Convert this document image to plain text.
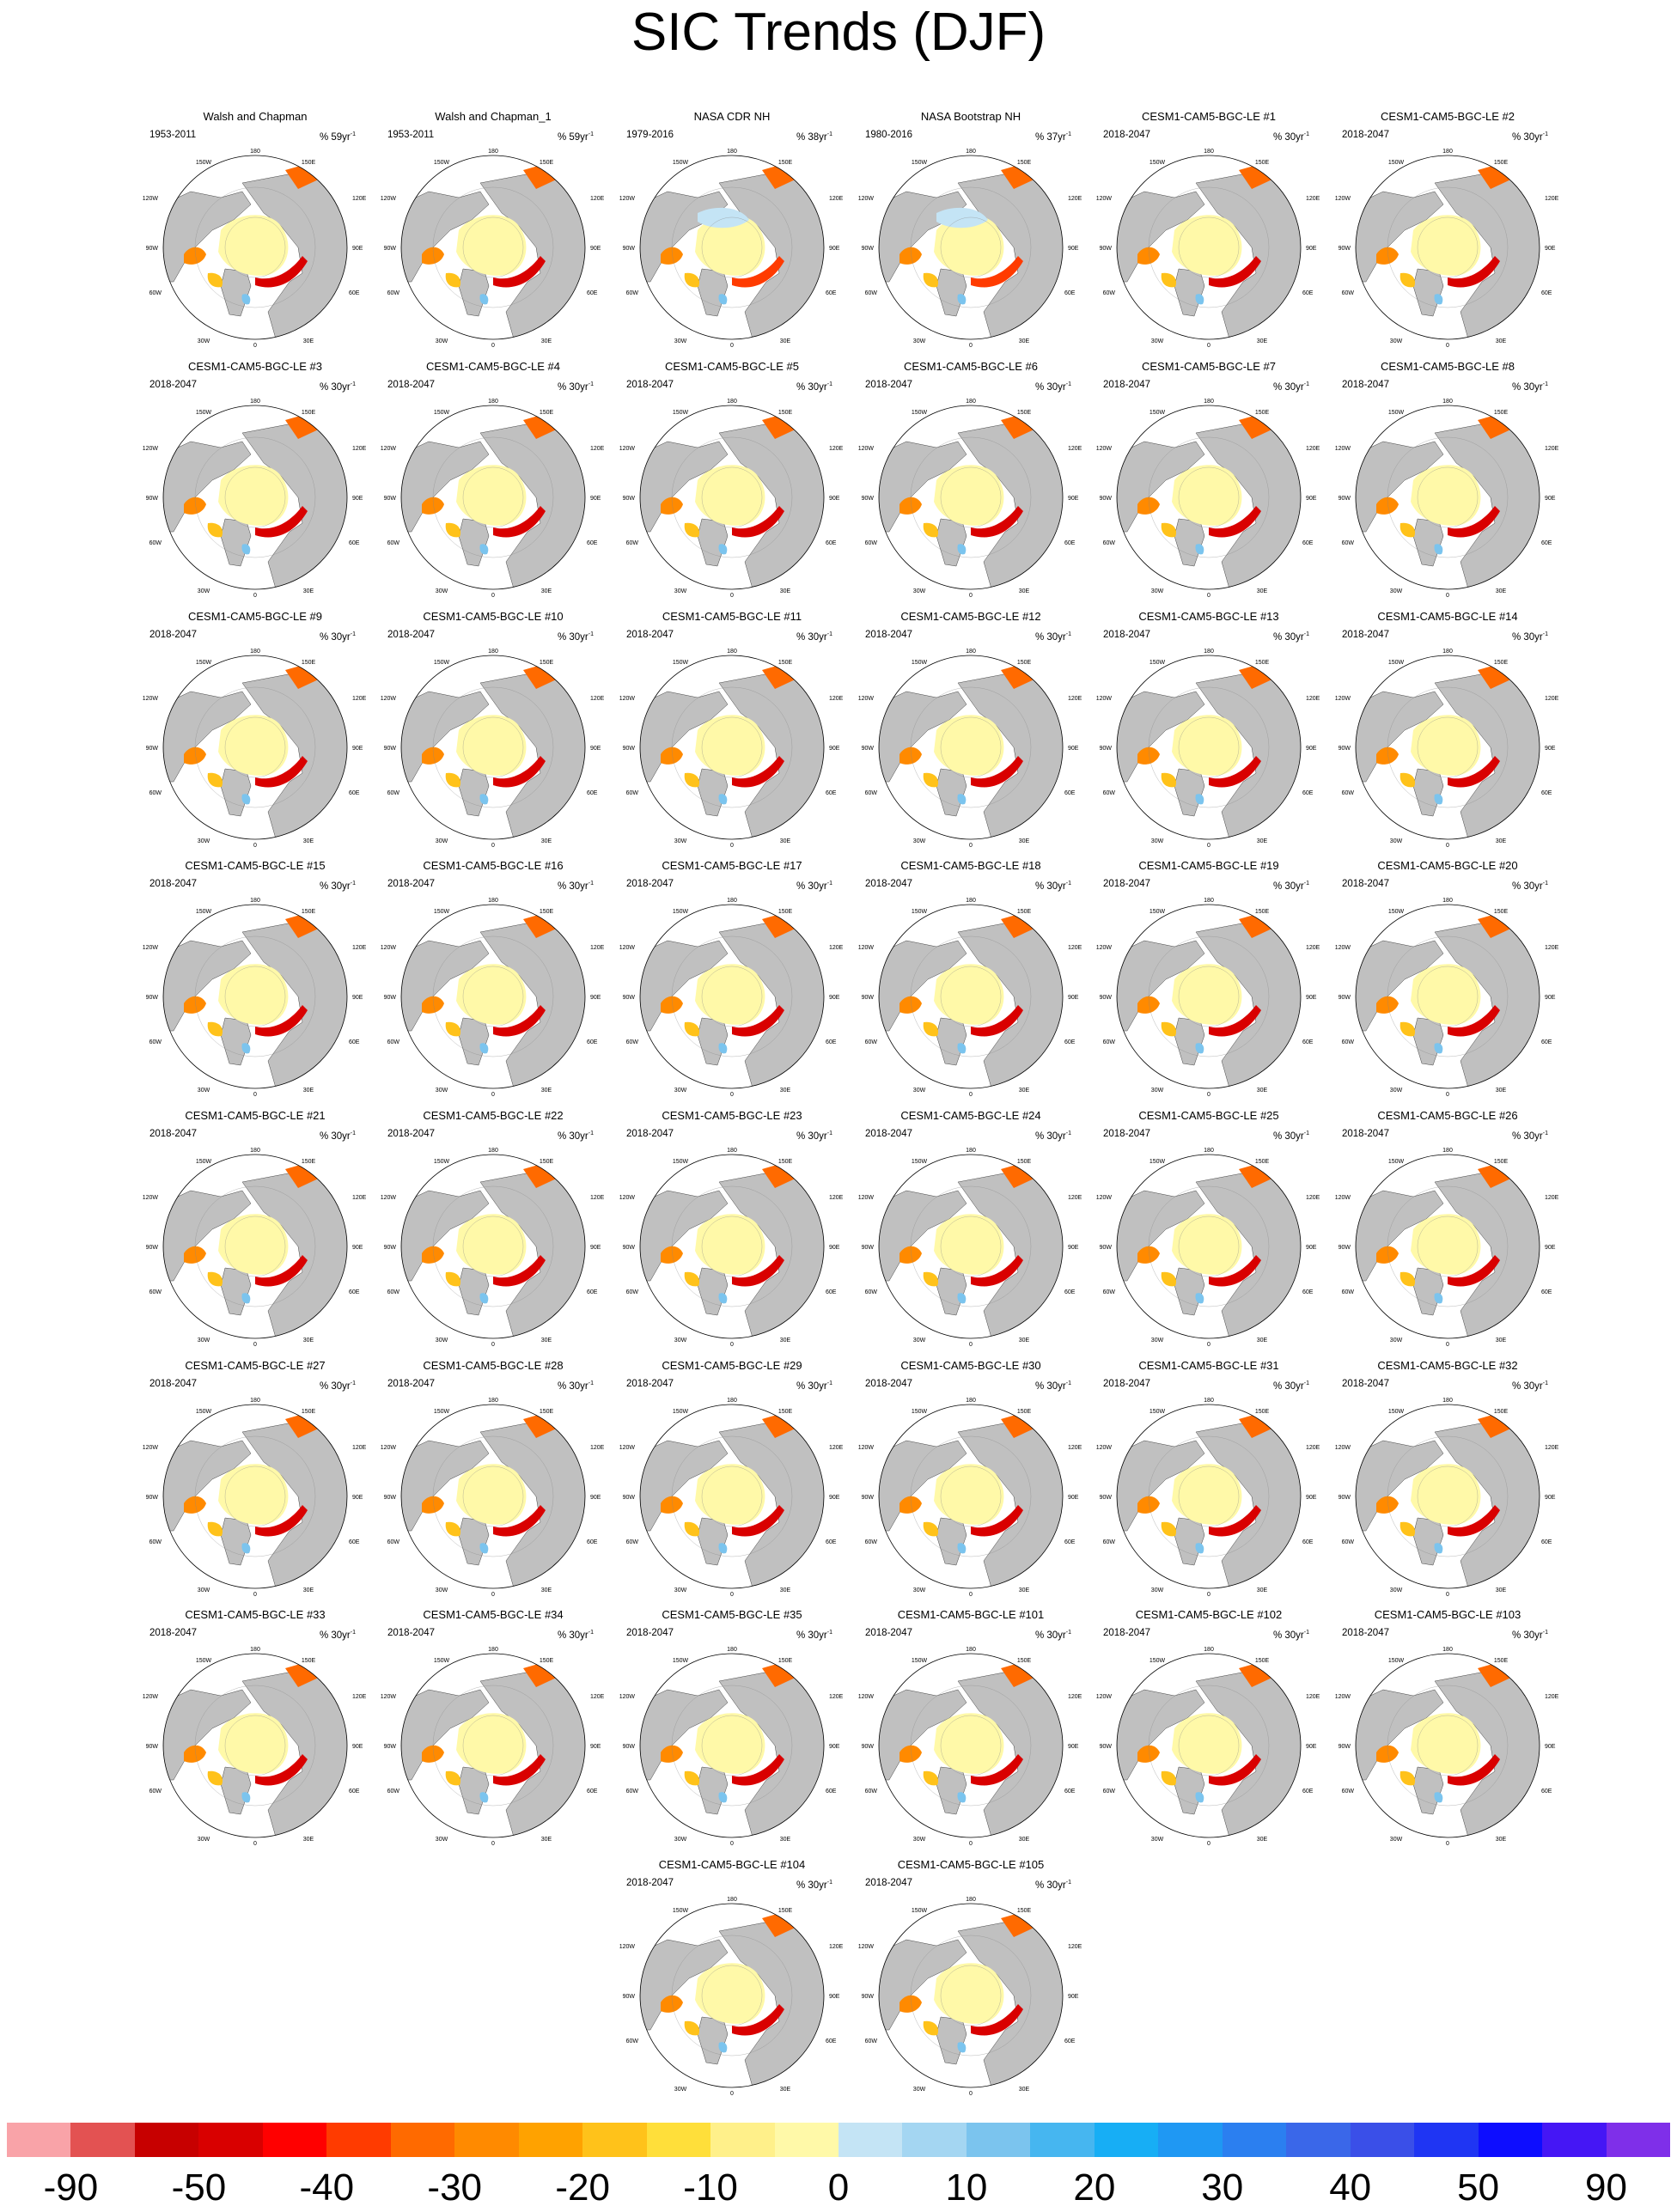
SIC Trends (DJF)
180
150W	150E
120W	120E
90W	90E
60W	60E
30W	30E
0
Walsh and Chapman
1953-2011	% $59yr^{-1}$
180
150W	150E
120W	120E
90W	90E
60W	60E
30W	30E
0
Walsh and Chapman_1
1953-2011	% $59yr^{-1}$
180
150W	150E
120W	120E
90W	90E
60W	60E
30W	30E
0
NASA CDR NH
1979-2016	% $38yr^{-1}$
180
150W	150E
120W	120E
90W	90E
60W	60E
30W	30E
0
NASA Bootstrap NH
1980-2016	% $37yr^{-1}$
180
150W	150E
120W	120E
90W	90E
60W	60E
30W	30E
0
CESM1-CAM5-BGC-LE #1
2018-2047	% $30yr^{-1}$
180
150W	150E
120W	120E
90W	90E
60W	60E
30W	30E
0
CESM1-CAM5-BGC-LE #2
2018-2047	% $30yr^{-1}$
180
150W	150E
120W	120E
90W	90E
60W	60E
30W	30E
0
CESM1-CAM5-BGC-LE #3
2018-2047	% $30yr^{-1}$
180
150W	150E
120W	120E
90W	90E
60W	60E
30W	30E
0
CESM1-CAM5-BGC-LE #4
2018-2047	% $30yr^{-1}$
180
150W	150E
120W	120E
90W	90E
60W	60E
30W	30E
0
CESM1-CAM5-BGC-LE #5
2018-2047	% $30yr^{-1}$
180
150W	150E
120W	120E
90W	90E
60W	60E
30W	30E
0
CESM1-CAM5-BGC-LE #6
2018-2047	% $30yr^{-1}$
180
150W	150E
120W	120E
90W	90E
60W	60E
30W	30E
0
CESM1-CAM5-BGC-LE #7
2018-2047	% $30yr^{-1}$
180
150W	150E
120W	120E
90W	90E
60W	60E
30W	30E
0
CESM1-CAM5-BGC-LE #8
2018-2047	% $30yr^{-1}$
180
150W	150E
120W	120E
90W	90E
60W	60E
30W	30E
0
CESM1-CAM5-BGC-LE #9
2018-2047	% $30yr^{-1}$
180
150W	150E
120W	120E
90W	90E
60W	60E
30W	30E
0
CESM1-CAM5-BGC-LE #10
2018-2047	% $30yr^{-1}$
180
150W	150E
120W	120E
90W	90E
60W	60E
30W	30E
0
CESM1-CAM5-BGC-LE #11
2018-2047	% $30yr^{-1}$
180
150W	150E
120W	120E
90W	90E
60W	60E
30W	30E
0
CESM1-CAM5-BGC-LE #12
2018-2047	% $30yr^{-1}$
180
150W	150E
120W	120E
90W	90E
60W	60E
30W	30E
0
CESM1-CAM5-BGC-LE #13
2018-2047	% $30yr^{-1}$
180
150W	150E
120W	120E
90W	90E
60W	60E
30W	30E
0
CESM1-CAM5-BGC-LE #14
2018-2047	% $30yr^{-1}$
180
150W	150E
120W	120E
90W	90E
60W	60E
30W	30E
0
CESM1-CAM5-BGC-LE #15
2018-2047	% $30yr^{-1}$
180
150W	150E
120W	120E
90W	90E
60W	60E
30W	30E
0
CESM1-CAM5-BGC-LE #16
2018-2047	% $30yr^{-1}$
180
150W	150E
120W	120E
90W	90E
60W	60E
30W	30E
0
CESM1-CAM5-BGC-LE #17
2018-2047	% $30yr^{-1}$
180
150W	150E
120W	120E
90W	90E
60W	60E
30W	30E
0
CESM1-CAM5-BGC-LE #18
2018-2047	% $30yr^{-1}$
180
150W	150E
120W	120E
90W	90E
60W	60E
30W	30E
0
CESM1-CAM5-BGC-LE #19
2018-2047	% $30yr^{-1}$
180
150W	150E
120W	120E
90W	90E
60W	60E
30W	30E
0
CESM1-CAM5-BGC-LE #20
2018-2047	% $30yr^{-1}$
180
150W	150E
120W	120E
90W	90E
60W	60E
30W	30E
0
CESM1-CAM5-BGC-LE #21
2018-2047	% $30yr^{-1}$
180
150W	150E
120W	120E
90W	90E
60W	60E
30W	30E
0
CESM1-CAM5-BGC-LE #22
2018-2047	% $30yr^{-1}$
180
150W	150E
120W	120E
90W	90E
60W	60E
30W	30E
0
CESM1-CAM5-BGC-LE #23
2018-2047	% $30yr^{-1}$
180
150W	150E
120W	120E
90W	90E
60W	60E
30W	30E
0
CESM1-CAM5-BGC-LE #24
2018-2047	% $30yr^{-1}$
180
150W	150E
120W	120E
90W	90E
60W	60E
30W	30E
0
CESM1-CAM5-BGC-LE #25
2018-2047	% $30yr^{-1}$
180
150W	150E
120W	120E
90W	90E
60W	60E
30W	30E
0
CESM1-CAM5-BGC-LE #26
2018-2047	% $30yr^{-1}$
180
150W	150E
120W	120E
90W	90E
60W	60E
30W	30E
0
CESM1-CAM5-BGC-LE #27
2018-2047	% $30yr^{-1}$
180
150W	150E
120W	120E
90W	90E
60W	60E
30W	30E
0
CESM1-CAM5-BGC-LE #28
2018-2047	% $30yr^{-1}$
180
150W	150E
120W	120E
90W	90E
60W	60E
30W	30E
0
CESM1-CAM5-BGC-LE #29
2018-2047	% $30yr^{-1}$
180
150W	150E
120W	120E
90W	90E
60W	60E
30W	30E
0
CESM1-CAM5-BGC-LE #30
2018-2047	% $30yr^{-1}$
180
150W	150E
120W	120E
90W	90E
60W	60E
30W	30E
0
CESM1-CAM5-BGC-LE #31
2018-2047	% $30yr^{-1}$
180
150W	150E
120W	120E
90W	90E
60W	60E
30W	30E
0
CESM1-CAM5-BGC-LE #32
2018-2047	% $30yr^{-1}$
180
150W	150E
120W	120E
90W	90E
60W	60E
30W	30E
0
CESM1-CAM5-BGC-LE #33
2018-2047	% $30yr^{-1}$
180
150W	150E
120W	120E
90W	90E
60W	60E
30W	30E
0
CESM1-CAM5-BGC-LE #34
2018-2047	% $30yr^{-1}$
180
150W	150E
120W	120E
90W	90E
60W	60E
30W	30E
0
CESM1-CAM5-BGC-LE #35
2018-2047	% $30yr^{-1}$
180
150W	150E
120W	120E
90W	90E
60W	60E
30W	30E
0
CESM1-CAM5-BGC-LE #101
2018-2047	% $30yr^{-1}$
180
150W	150E
120W	120E
90W	90E
60W	60E
30W	30E
0
CESM1-CAM5-BGC-LE #102
2018-2047	% $30yr^{-1}$
180
150W	150E
120W	120E
90W	90E
60W	60E
30W	30E
0
CESM1-CAM5-BGC-LE #103
2018-2047	% $30yr^{-1}$
180
150W	150E
120W	120E
90W	90E
60W	60E
30W	30E
0
CESM1-CAM5-BGC-LE #104
2018-2047	% $30yr^{-1}$
180
150W	150E
120W	120E
90W	90E
60W	60E
30W	30E
0
CESM1-CAM5-BGC-LE #105
2018-2047	% $30yr^{-1}$
-90	-50	-40	-30	-20	-10	0	10	20	30	40	50	90
